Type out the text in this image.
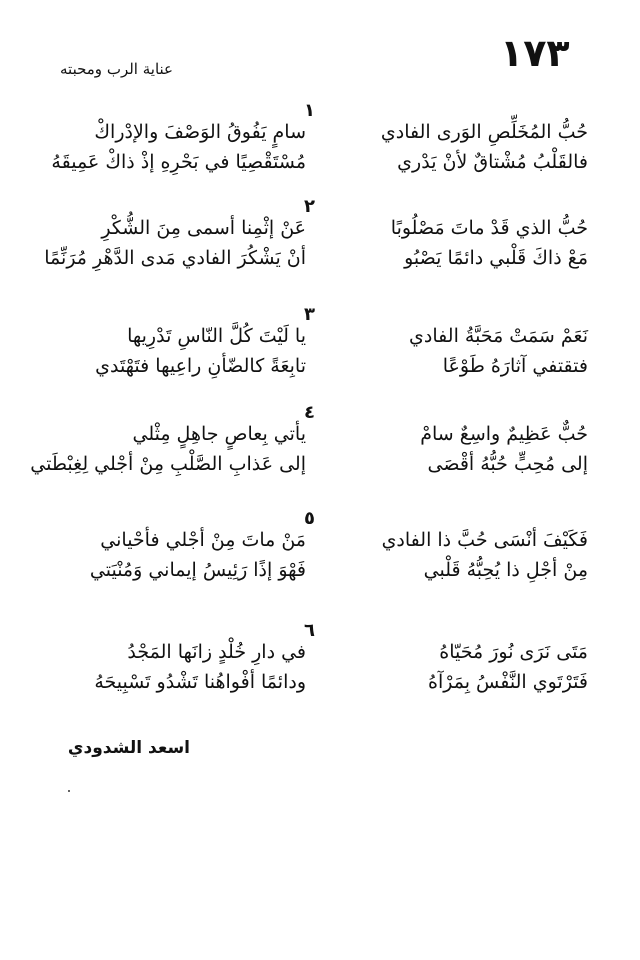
١٧٣
عناية الرب ومحبته
١
حُبُّ المُخَلِّصِ الوَرى الفادي
فالقَلْبُ مُشْتاقٌ لأنْ يَدْري
سامٍ يَفُوقُ الوَصْفَ والإدْراكْ
مُسْتَقْصِيًا في بَحْرِهِ إذْ ذاكْ عَمِيقَهُ
٢
حُبُّ الذي قَدْ ماتَ مَصْلُوبًا
مَعْ ذاكَ قَلْبي دائمًا يَصْبُو
عَنْ إثْمِنا أسمى مِنَ الشُّكْرِ
أنْ يَشْكُرَ الفادي مَدى الدَّهْرِ مُرَنِّمًا
٣
نَعَمْ سَمَتْ مَحَبَّةُ الفادي
فتقتفي آثارَهُ طَوْعًا
يا لَيْتَ كُلَّ النّاسِ تَدْرِيها
تابِعَةً كالضّأنِ راعِيها فتَهْتَدي
٤
حُبٌّ عَظِيمٌ واسِعٌ سامْ
إلى مُحِبٍّ حُبُّهُ أقْصَى
يأتي بِعاصٍ جاهِلٍ مِثْلي
إلى عَذابِ الصَّلْبِ مِنْ أجْلي لِغِبْطَتي
٥
فَكَيْفَ أنْسَى حُبَّ ذا الفادي
مِنْ أجْلِ ذا يُحِبُّهُ قَلْبي
مَنْ ماتَ مِنْ أجْلي فأحْياني
فَهْوَ إذًا رَئِيسُ إيماني وَمُنْيَتي
٦
مَتَى نَرَى نُورَ مُحَيّاهُ
فَتَرْتَوي النَّفْسُ بِمَرْآهُ
في دارِ خُلْدٍ زانَها المَجْدُ
ودائمًا أفْواهُنا تَشْدُو تَسْبِيحَهُ
اسعد الشدودي
